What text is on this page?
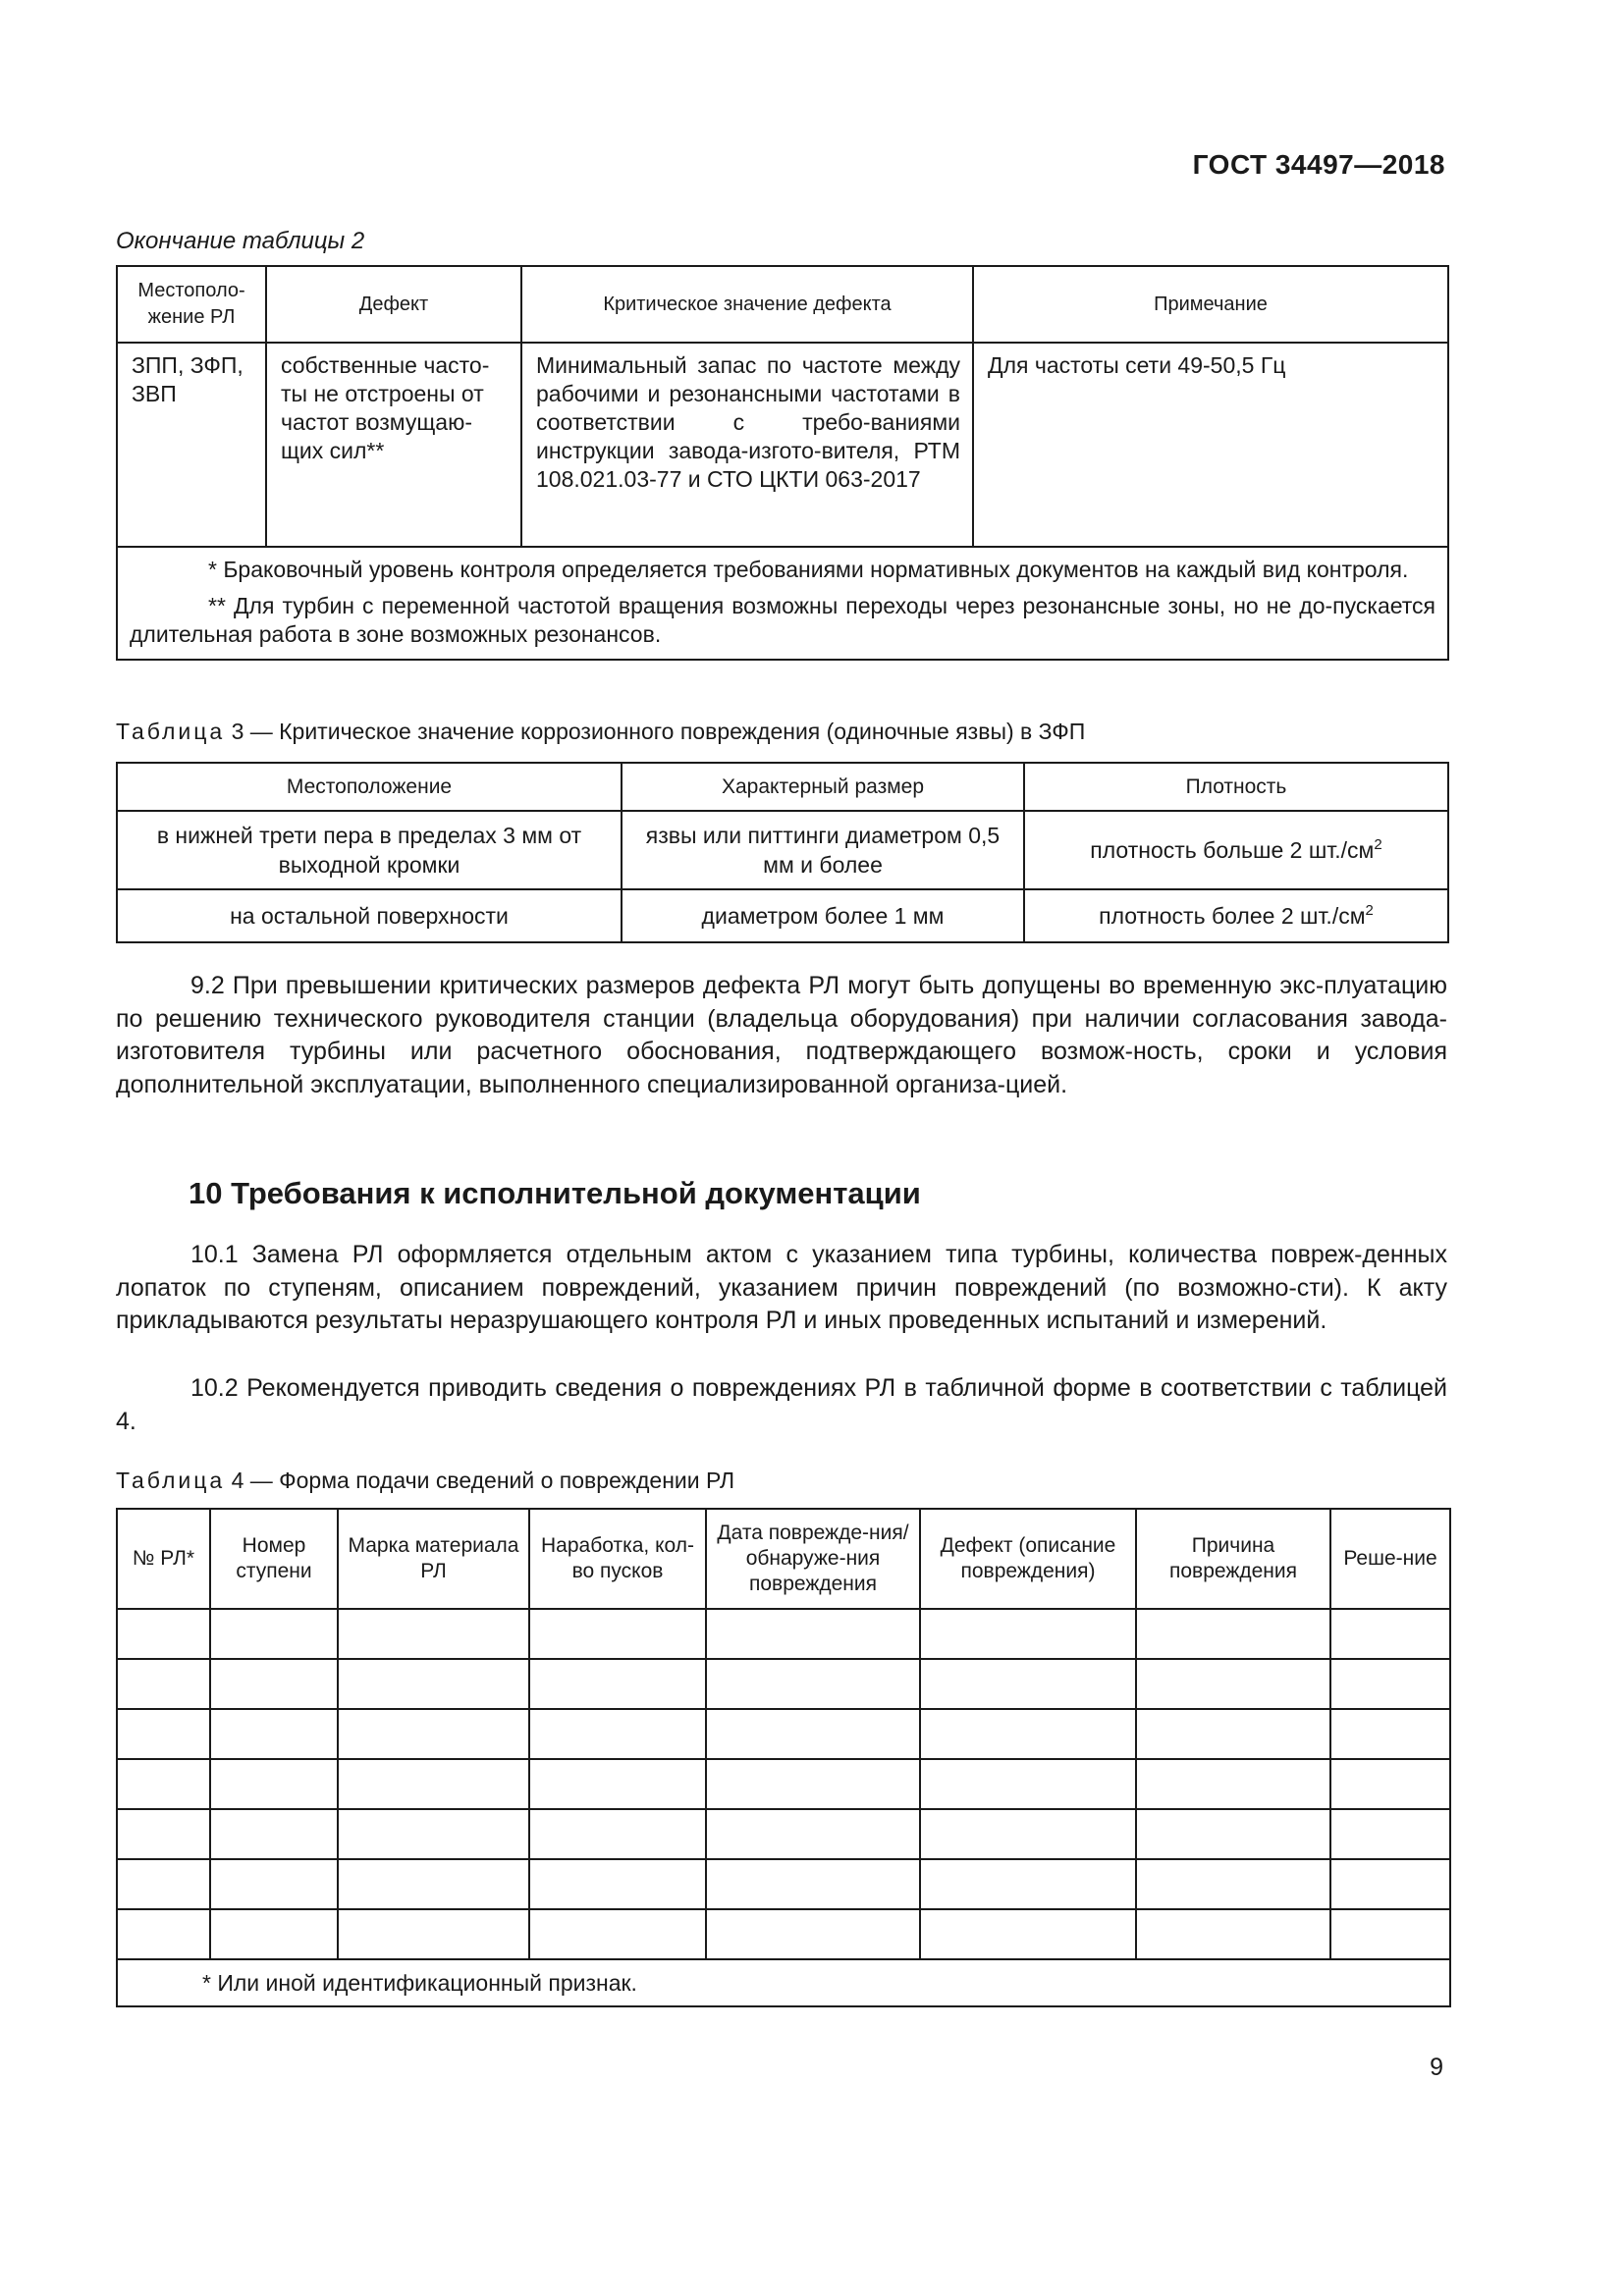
ГОСТ 34497—2018
Окончание таблицы 2
Местополо-жение РЛ	Дефект	Критическое значение дефекта	Примечание
ЗПП, ЗФП, ЗВП	собственные часто-ты не отстроены от частот возмущаю-щих сил**	Минимальный запас по частоте между рабочими и резонансными частотами в соответствии с требо-ваниями инструкции завода-изгото-вителя, РТМ 108.021.03-77 и СТО ЦКТИ 063-2017	Для частоты сети 49-50,5 Гц

* Браковочный уровень контроля определяется требованиями нормативных документов на каждый вид контроля.

** Для турбин с переменной частотой вращения возможны переходы через резонансные зоны, но не до-пускается длительная работа в зоне возможных резонансов.			

Таблица 3 — Критическое значение коррозионного повреждения (одиночные язвы) в ЗФП
Местоположение	Характерный размер	Плотность
в нижней трети пера в пределах 3 мм от выходной кромки	язвы или питтинги диаметром 0,5 мм и более	плотность больше 2 $шт./см^2$
на остальной поверхности	диаметром более 1 мм	плотность более 2 $шт./см^2$
9.2 При превышении критических размеров дефекта РЛ могут быть допущены во временную экс-плуатацию по решению технического руководителя станции (владельца оборудования) при наличии согласования завода-изготовителя турбины или расчетного обоснования, подтверждающего возмож-ность, сроки и условия дополнительной эксплуатации, выполненного специализированной организа-цией.
10 Требования к исполнительной документации
10.1 Замена РЛ оформляется отдельным актом с указанием типа турбины, количества повреж-денных лопаток по ступеням, описанием повреждений, указанием причин повреждений (по возможно-сти). К акту прикладываются результаты неразрушающего контроля РЛ и иных проведенных испытаний и измерений.
10.2 Рекомендуется приводить сведения о повреждениях РЛ в табличной форме в соответствии с таблицей 4.
Таблица 4 — Форма подачи сведений о повреждении РЛ
№ РЛ*	Номер ступени	Марка материала РЛ	Наработка, кол-во пусков	Дата поврежде-ния/ обнаруже-ния повреждения	Дефект (описание повреждения)	Причина повреждения	Реше-ние

* Или иной идентификационный признак.							
9
